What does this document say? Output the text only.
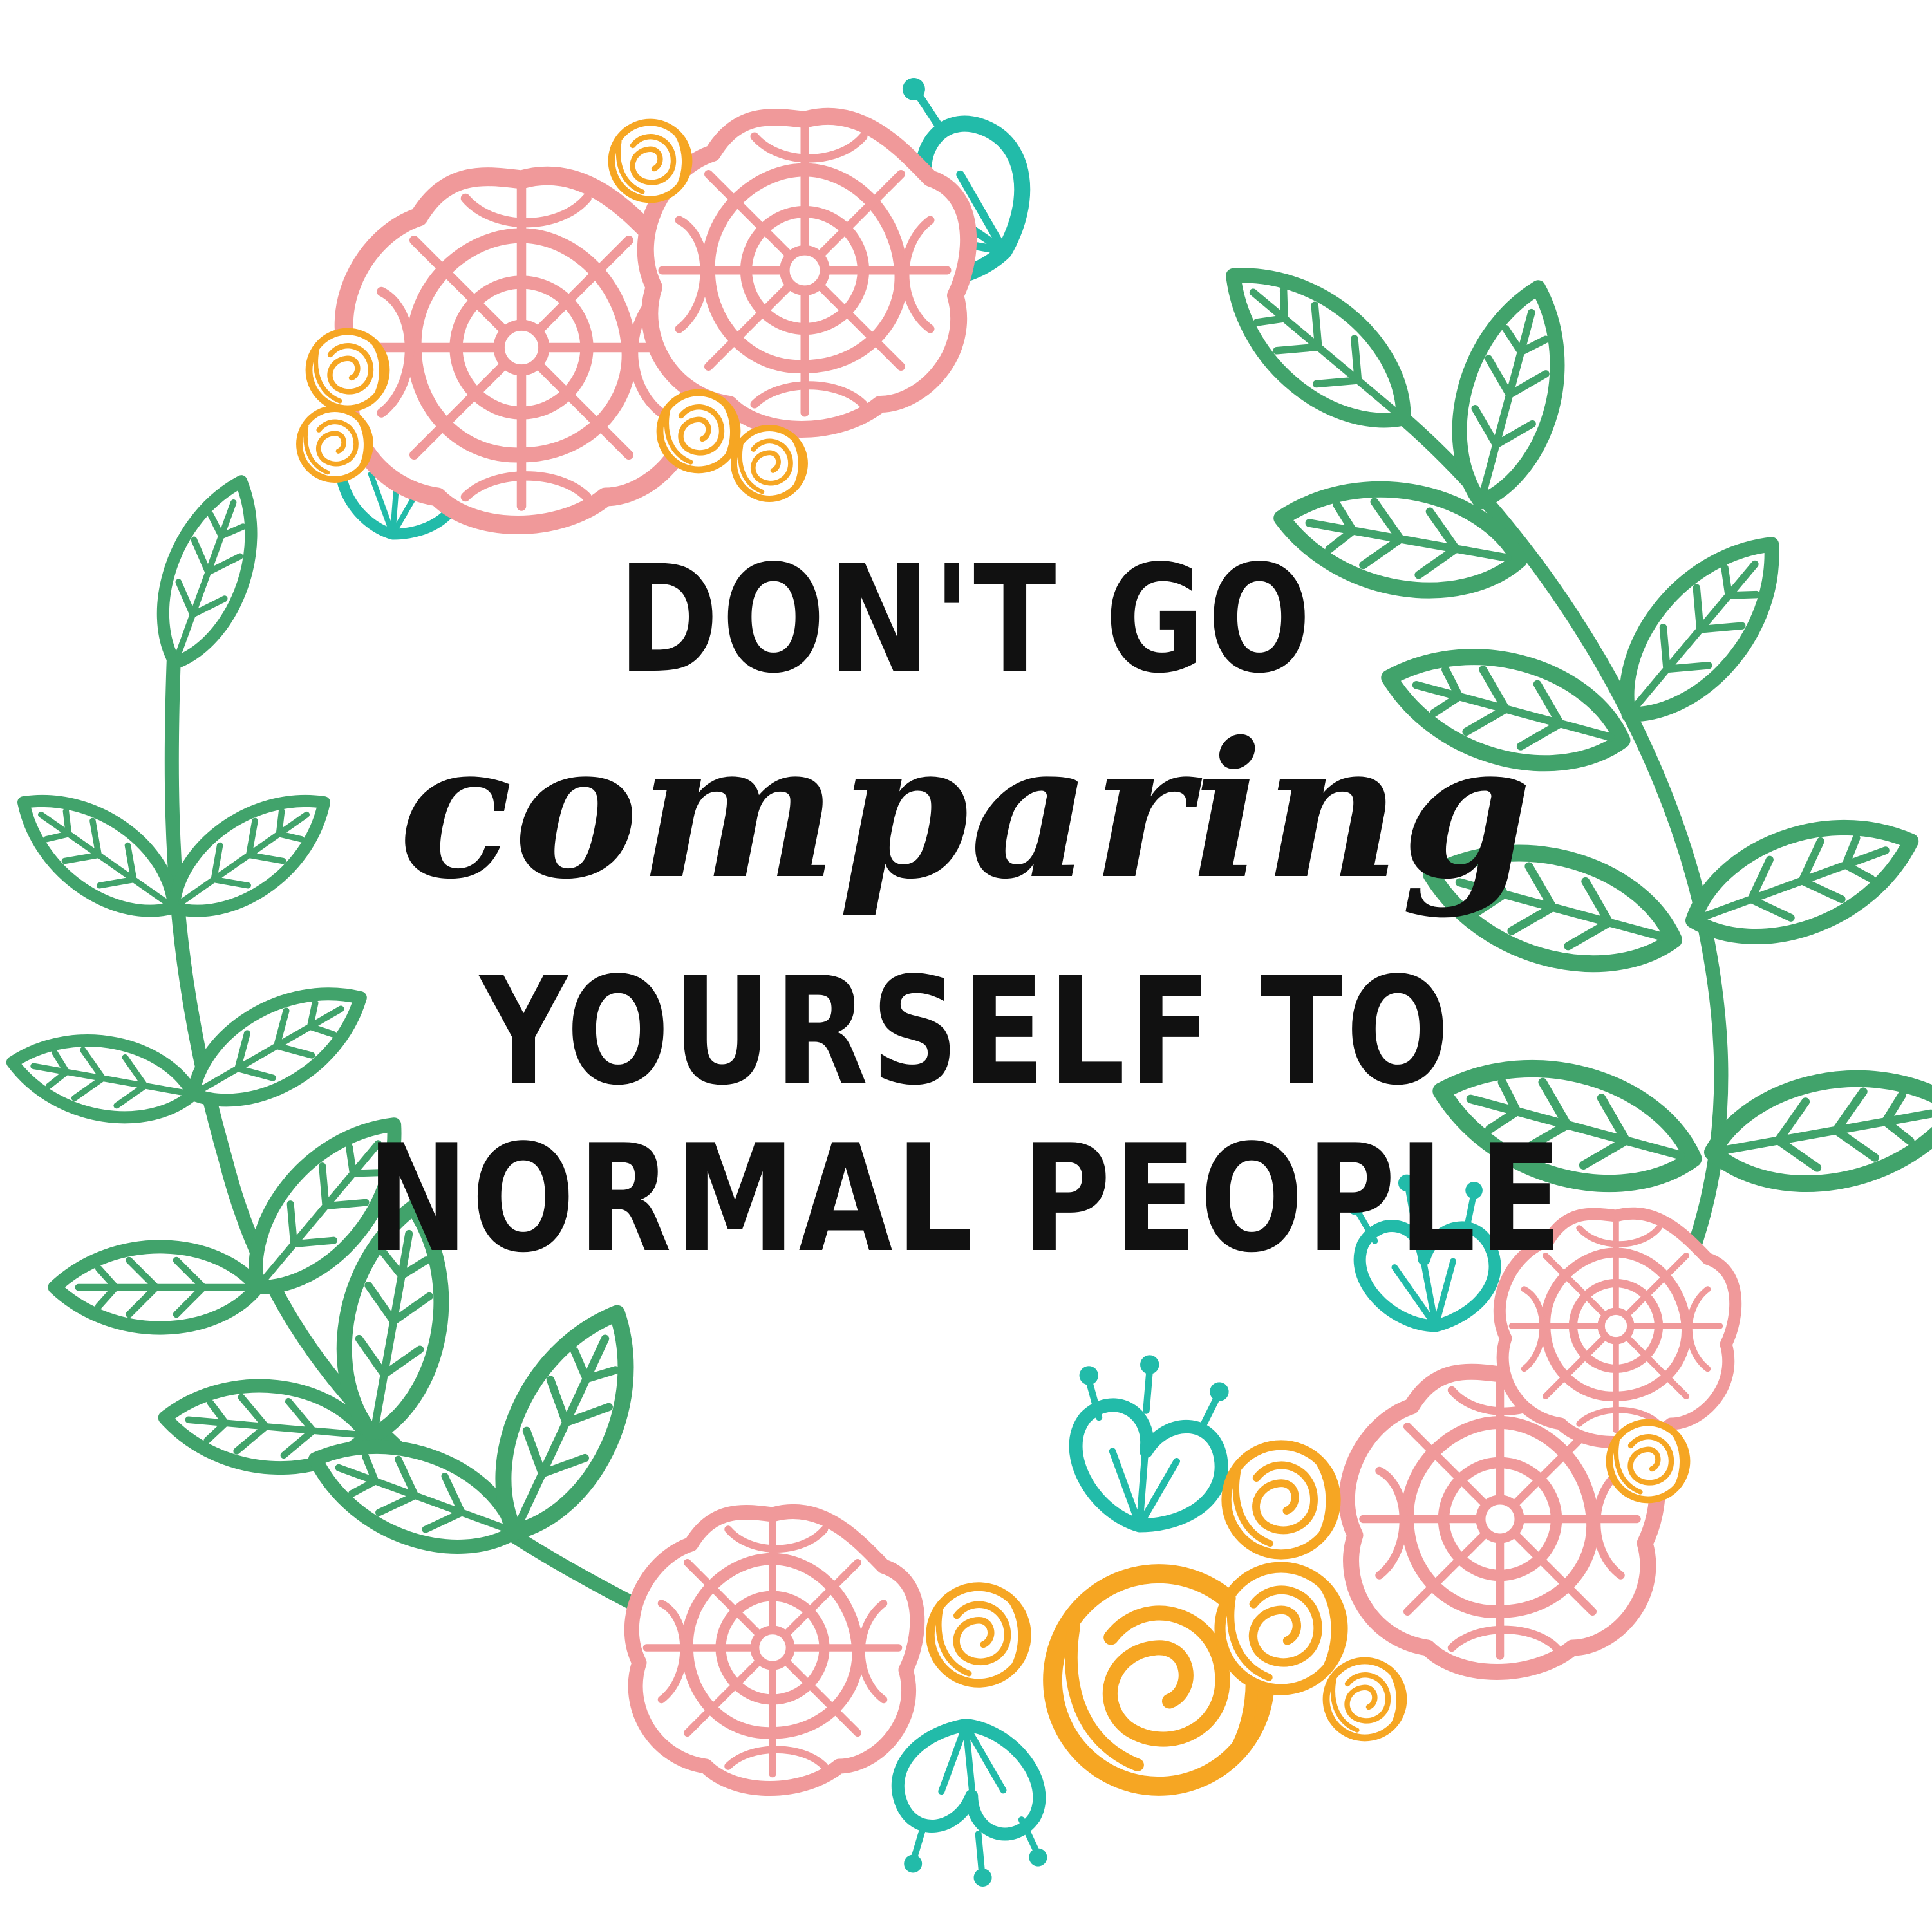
DON'T GO
comparing
YOURSELF TO
NORMAL PEOPLE
